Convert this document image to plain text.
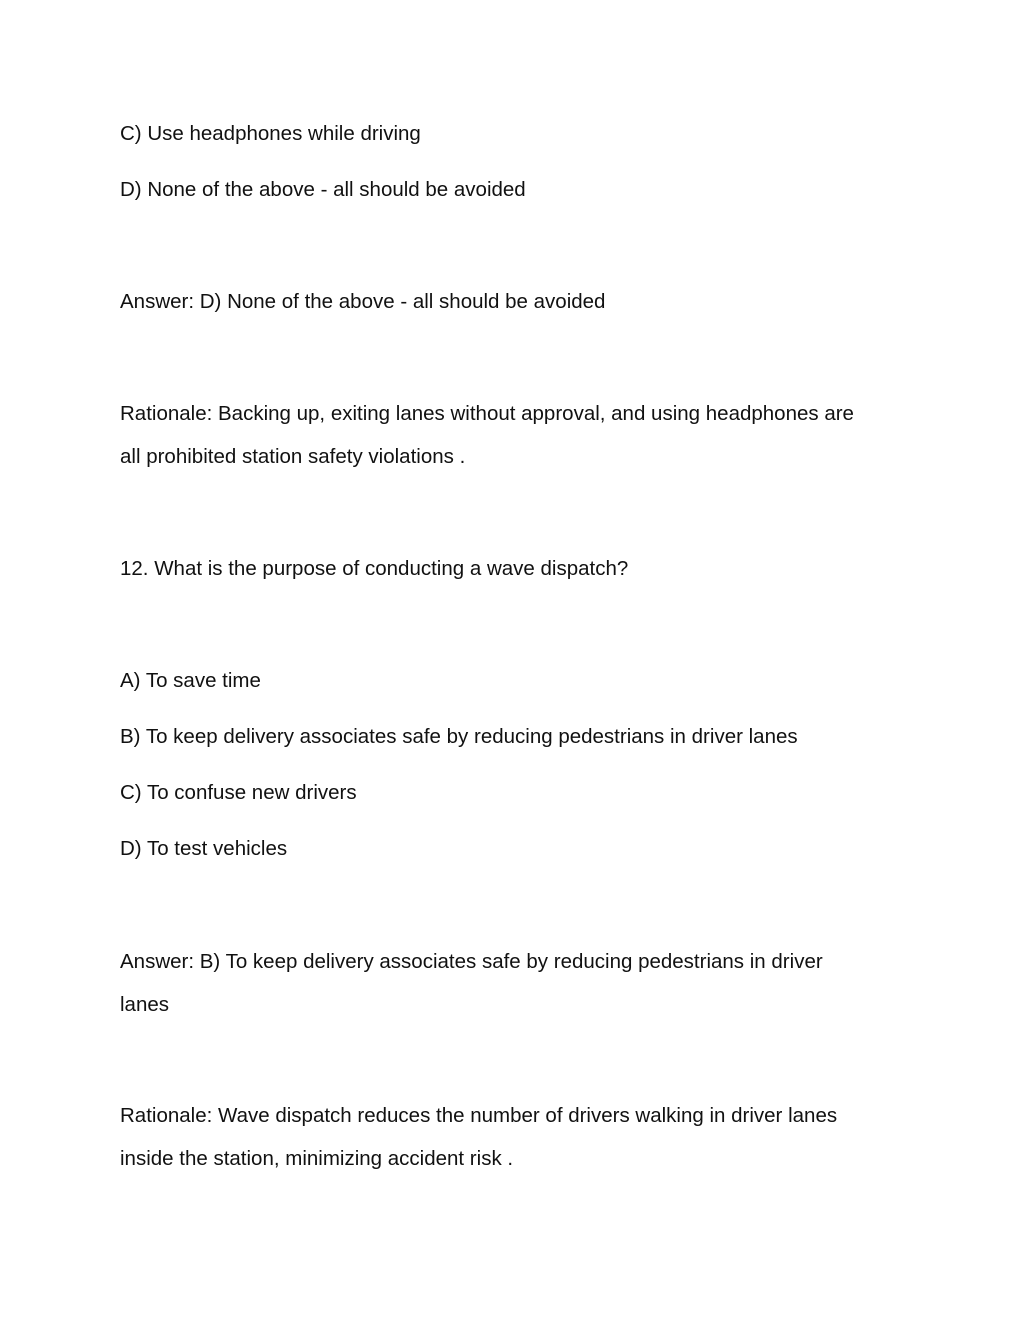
C) Use headphones while driving
D) None of the above - all should be avoided
Answer: D) None of the above - all should be avoided
Rationale: Backing up, exiting lanes without approval, and using headphones are
all prohibited station safety violations .
12. What is the purpose of conducting a wave dispatch?
A) To save time
B) To keep delivery associates safe by reducing pedestrians in driver lanes
C) To confuse new drivers
D) To test vehicles
Answer: B) To keep delivery associates safe by reducing pedestrians in driver
lanes
Rationale: Wave dispatch reduces the number of drivers walking in driver lanes
inside the station, minimizing accident risk .
